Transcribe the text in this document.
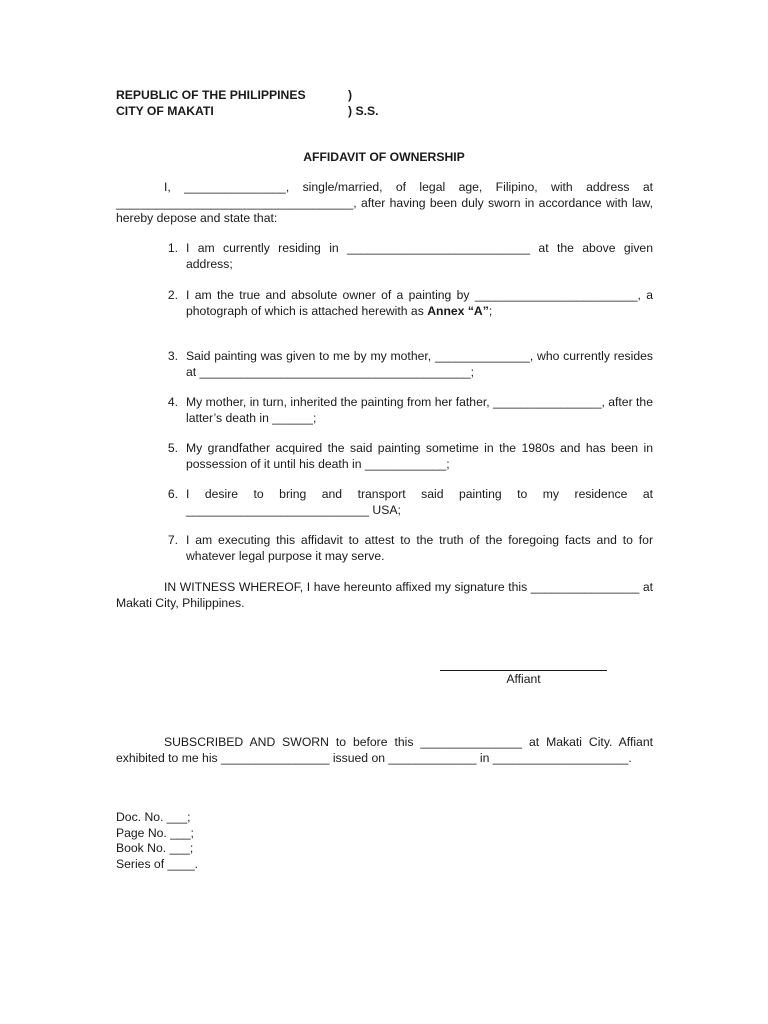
REPUBLIC OF THE PHILIPPINES	)
CITY OF MAKATI	) S.S.
AFFIDAVIT OF OWNERSHIP

I, _______________, single/married, of legal age, Filipino, with address at ___________________________________, after having been duly sworn in accordance with law, hereby depose and state that:

1. I am currently residing in ___________________________ at the above given address;
2. I am the true and absolute owner of a painting by ________________________, a photograph of which is attached herewith as Annex “A”;
3. Said painting was given to me by my mother, ______________, who currently resides at ________________________________________;
4. My mother, in turn, inherited the painting from her father, ________________, after the latter’s death in ______;
5. My grandfather acquired the said painting sometime in the 1980s and has been in possession of it until his death in ____________;
6. I desire to bring and transport said painting to my residence at ___________________________ USA;
7. I am executing this affidavit to attest to the truth of the foregoing facts and to for whatever legal purpose it may serve.

IN WITNESS WHEREOF, I have hereunto affixed my signature this ________________ at Makati City, Philippines.

Affiant

SUBSCRIBED AND SWORN to before this _______________ at Makati City. Affiant exhibited to me his ________________ issued on _____________ in ____________________.

Doc. No. ___;
Page No. ___;
Book No. ___;
Series of ____.
